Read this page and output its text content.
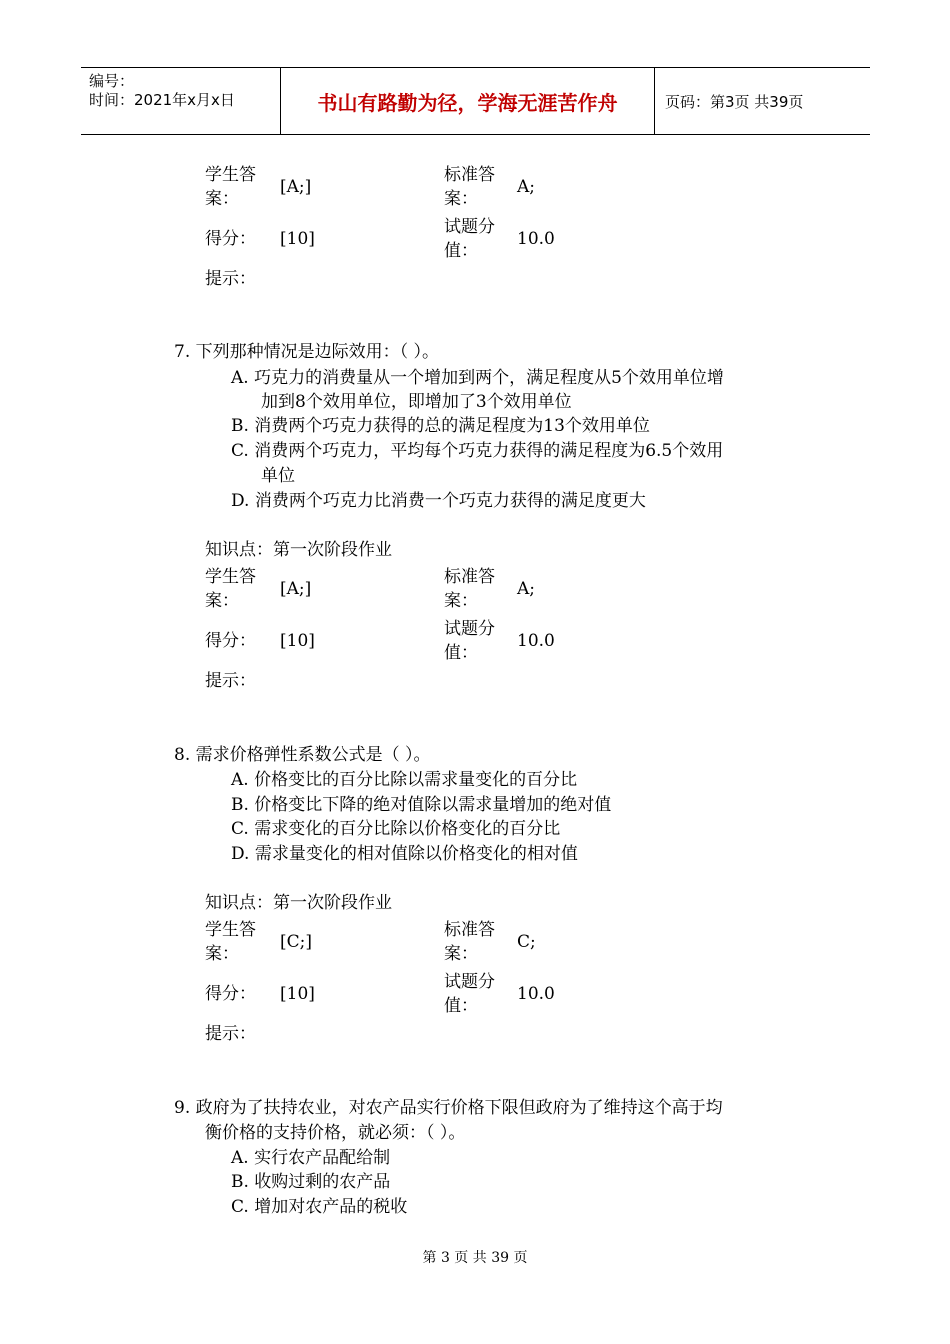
编号：
时间：2021年x月x日	书山有路勤为径，学海无涯苦作舟	页码：第3页 共39页
学生答
案：
[A;]
标准答
案：
A;
得分： [10]
试题分
值：
10.0
提示：
7. 下列那种情况是边际效用：（ ）。
A. 巧克力的消费量从一个增加到两个，满足程度从5个效用单位增
加到8个效用单位，即增加了3个效用单位
B. 消费两个巧克力获得的总的满足程度为13个效用单位
C. 消费两个巧克力，平均每个巧克力获得的满足程度为6.5个效用
单位
D. 消费两个巧克力比消费一个巧克力获得的满足度更大
知识点：第一次阶段作业
学生答
案：
[A;]
标准答
案：
A;
得分： [10]
试题分
值：
10.0
提示：
8. 需求价格弹性系数公式是（ ）。
A. 价格变比的百分比除以需求量变化的百分比
B. 价格变比下降的绝对值除以需求量增加的绝对值
C. 需求变化的百分比除以价格变化的百分比
D. 需求量变化的相对值除以价格变化的相对值
知识点：第一次阶段作业
学生答
案：
[C;]
标准答
案：
C;
得分： [10]
试题分
值：
10.0
提示：
9. 政府为了扶持农业，对农产品实行价格下限但政府为了维持这个高于均
衡价格的支持价格，就必须：（ ）。
A. 实行农产品配给制
B. 收购过剩的农产品
C. 增加对农产品的税收
第 3 页 共 39 页
